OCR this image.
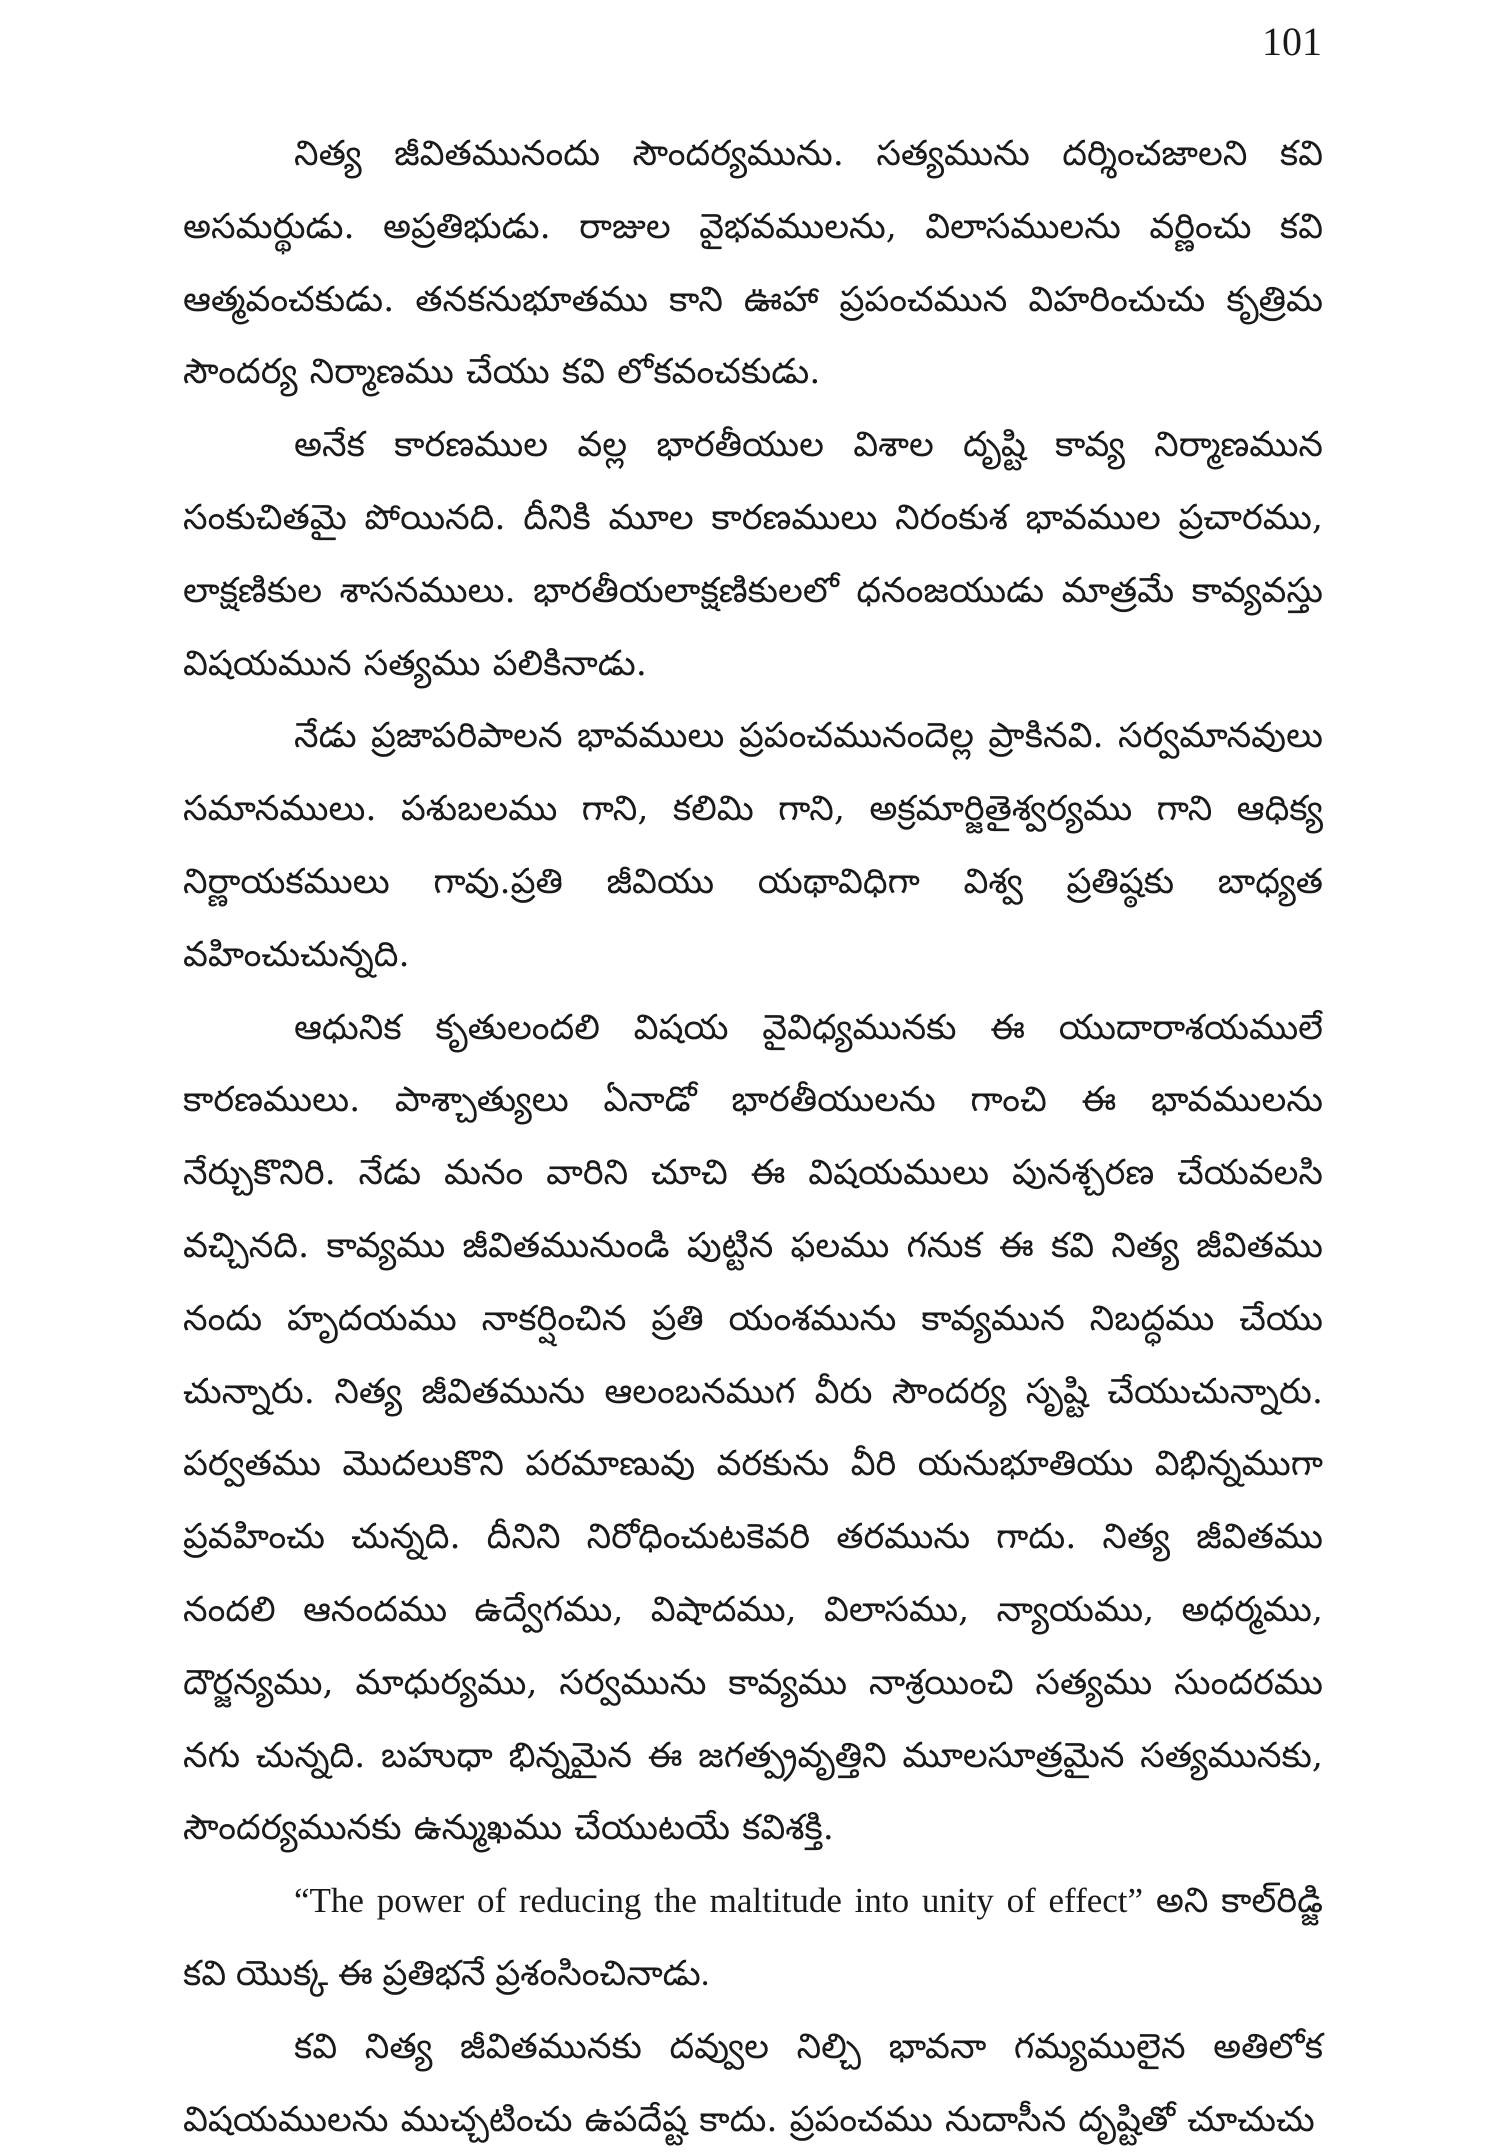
101

నిత్య జీవితమునందు సౌందర్యమును. సత్యమును దర్శించజాలని కవి అసమర్థుడు. అప్రతిభుడు. రాజుల వైభవములను, విలాసములను వర్ణించు కవి ఆత్మవంచకుడు. తనకనుభూతము కాని ఊహా ప్రపంచమున విహరించుచు కృత్రిమ సౌందర్య నిర్మాణము చేయు కవి లోకవంచకుడు.

అనేక కారణముల వల్ల భారతీయుల విశాల దృష్టి కావ్య నిర్మాణమున సంకుచితమై పోయినది. దీనికి మూల కారణములు నిరంకుశ భావముల ప్రచారము, లాక్షణికుల శాసనములు. భారతీయలాక్షణికులలో ధనంజయుడు మాత్రమే కావ్యవస్తు విషయమున సత్యము పలికినాడు.

నేడు ప్రజాపరిపాలన భావములు ప్రపంచమునందెల్ల ప్రాకినవి. సర్వమానవులు సమానములు. పశుబలము గాని, కలిమి గాని, అక్రమార్జితైశ్వర్యము గాని ఆధిక్య నిర్ణాయకములు గావు.ప్రతి జీవియు యథావిధిగా విశ్వ ప్రతిష్ఠకు బాధ్యత వహించుచున్నది.

ఆధునిక కృతులందలి విషయ వైవిధ్యమునకు ఈ యుదారాశయములే కారణములు. పాశ్చాత్యులు ఏనాడో భారతీయులను గాంచి ఈ భావములను నేర్చుకొనిరి. నేడు మనం వారిని చూచి ఈ విషయములు పునశ్చరణ చేయవలసి వచ్చినది. కావ్యము జీవితమునుండి పుట్టిన ఫలము గనుక ఈ కవి నిత్య జీవితము నందు హృదయము నాకర్షించిన ప్రతి యంశమును కావ్యమున నిబద్ధము చేయు చున్నారు. నిత్య జీవితమును ఆలంబనముగ వీరు సౌందర్య సృష్టి చేయుచున్నారు. పర్వతము మొదలుకొని పరమాణువు వరకును వీరి యనుభూతియు విభిన్నముగా ప్రవహించు చున్నది. దీనిని నిరోధించుటకెవరి తరమును గాదు. నిత్య జీవితము నందలి ఆనందము ఉద్వేగము, విషాదము, విలాసము, న్యాయము, అధర్మము, దౌర్జన్యము, మాధుర్యము, సర్వమును కావ్యము నాశ్రయించి సత్యము సుందరము నగు చున్నది. బహుధా భిన్నమైన ఈ జగత్ప్రవృత్తిని మూలసూత్రమైన సత్యమునకు, సౌందర్యమునకు ఉన్ముఖము చేయుటయే కవిశక్తి.

“The power of reducing the maltitude into unity of effect” అని కాల్‌రిడ్జి కవి యొక్క ఈ ప్రతిభనే ప్రశంసించినాడు.

కవి నిత్య జీవితమునకు దవ్వుల నిల్చి భావనా గమ్యములైన అతిలోక విషయములను ముచ్చటించు ఉపదేష్ట కాదు. ప్రపంచము నుదాసీన దృష్టితో చూచుచు
